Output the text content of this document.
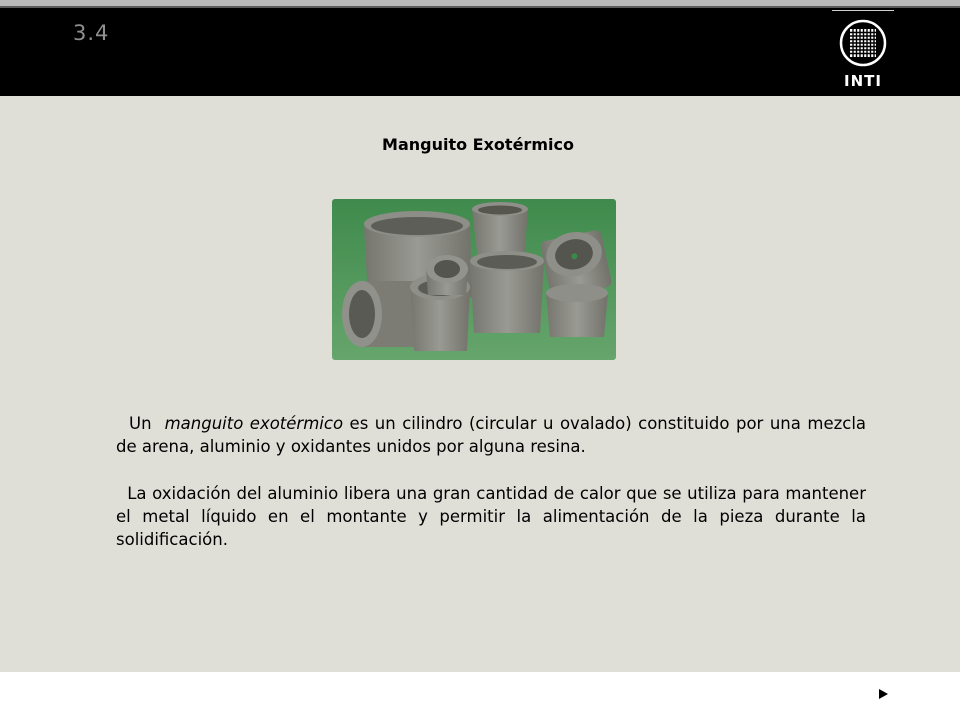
3.4
INTI
Manguito Exotérmico

Un  manguito exotérmico es un cilindro (circular u ovalado) constituido por una mezcla de arena, aluminio y oxidantes unidos por alguna resina.

La oxidación del aluminio libera una gran cantidad de calor que se utiliza para mantener el metal líquido en el montante y permitir la alimentación de la pieza durante la solidificación.
